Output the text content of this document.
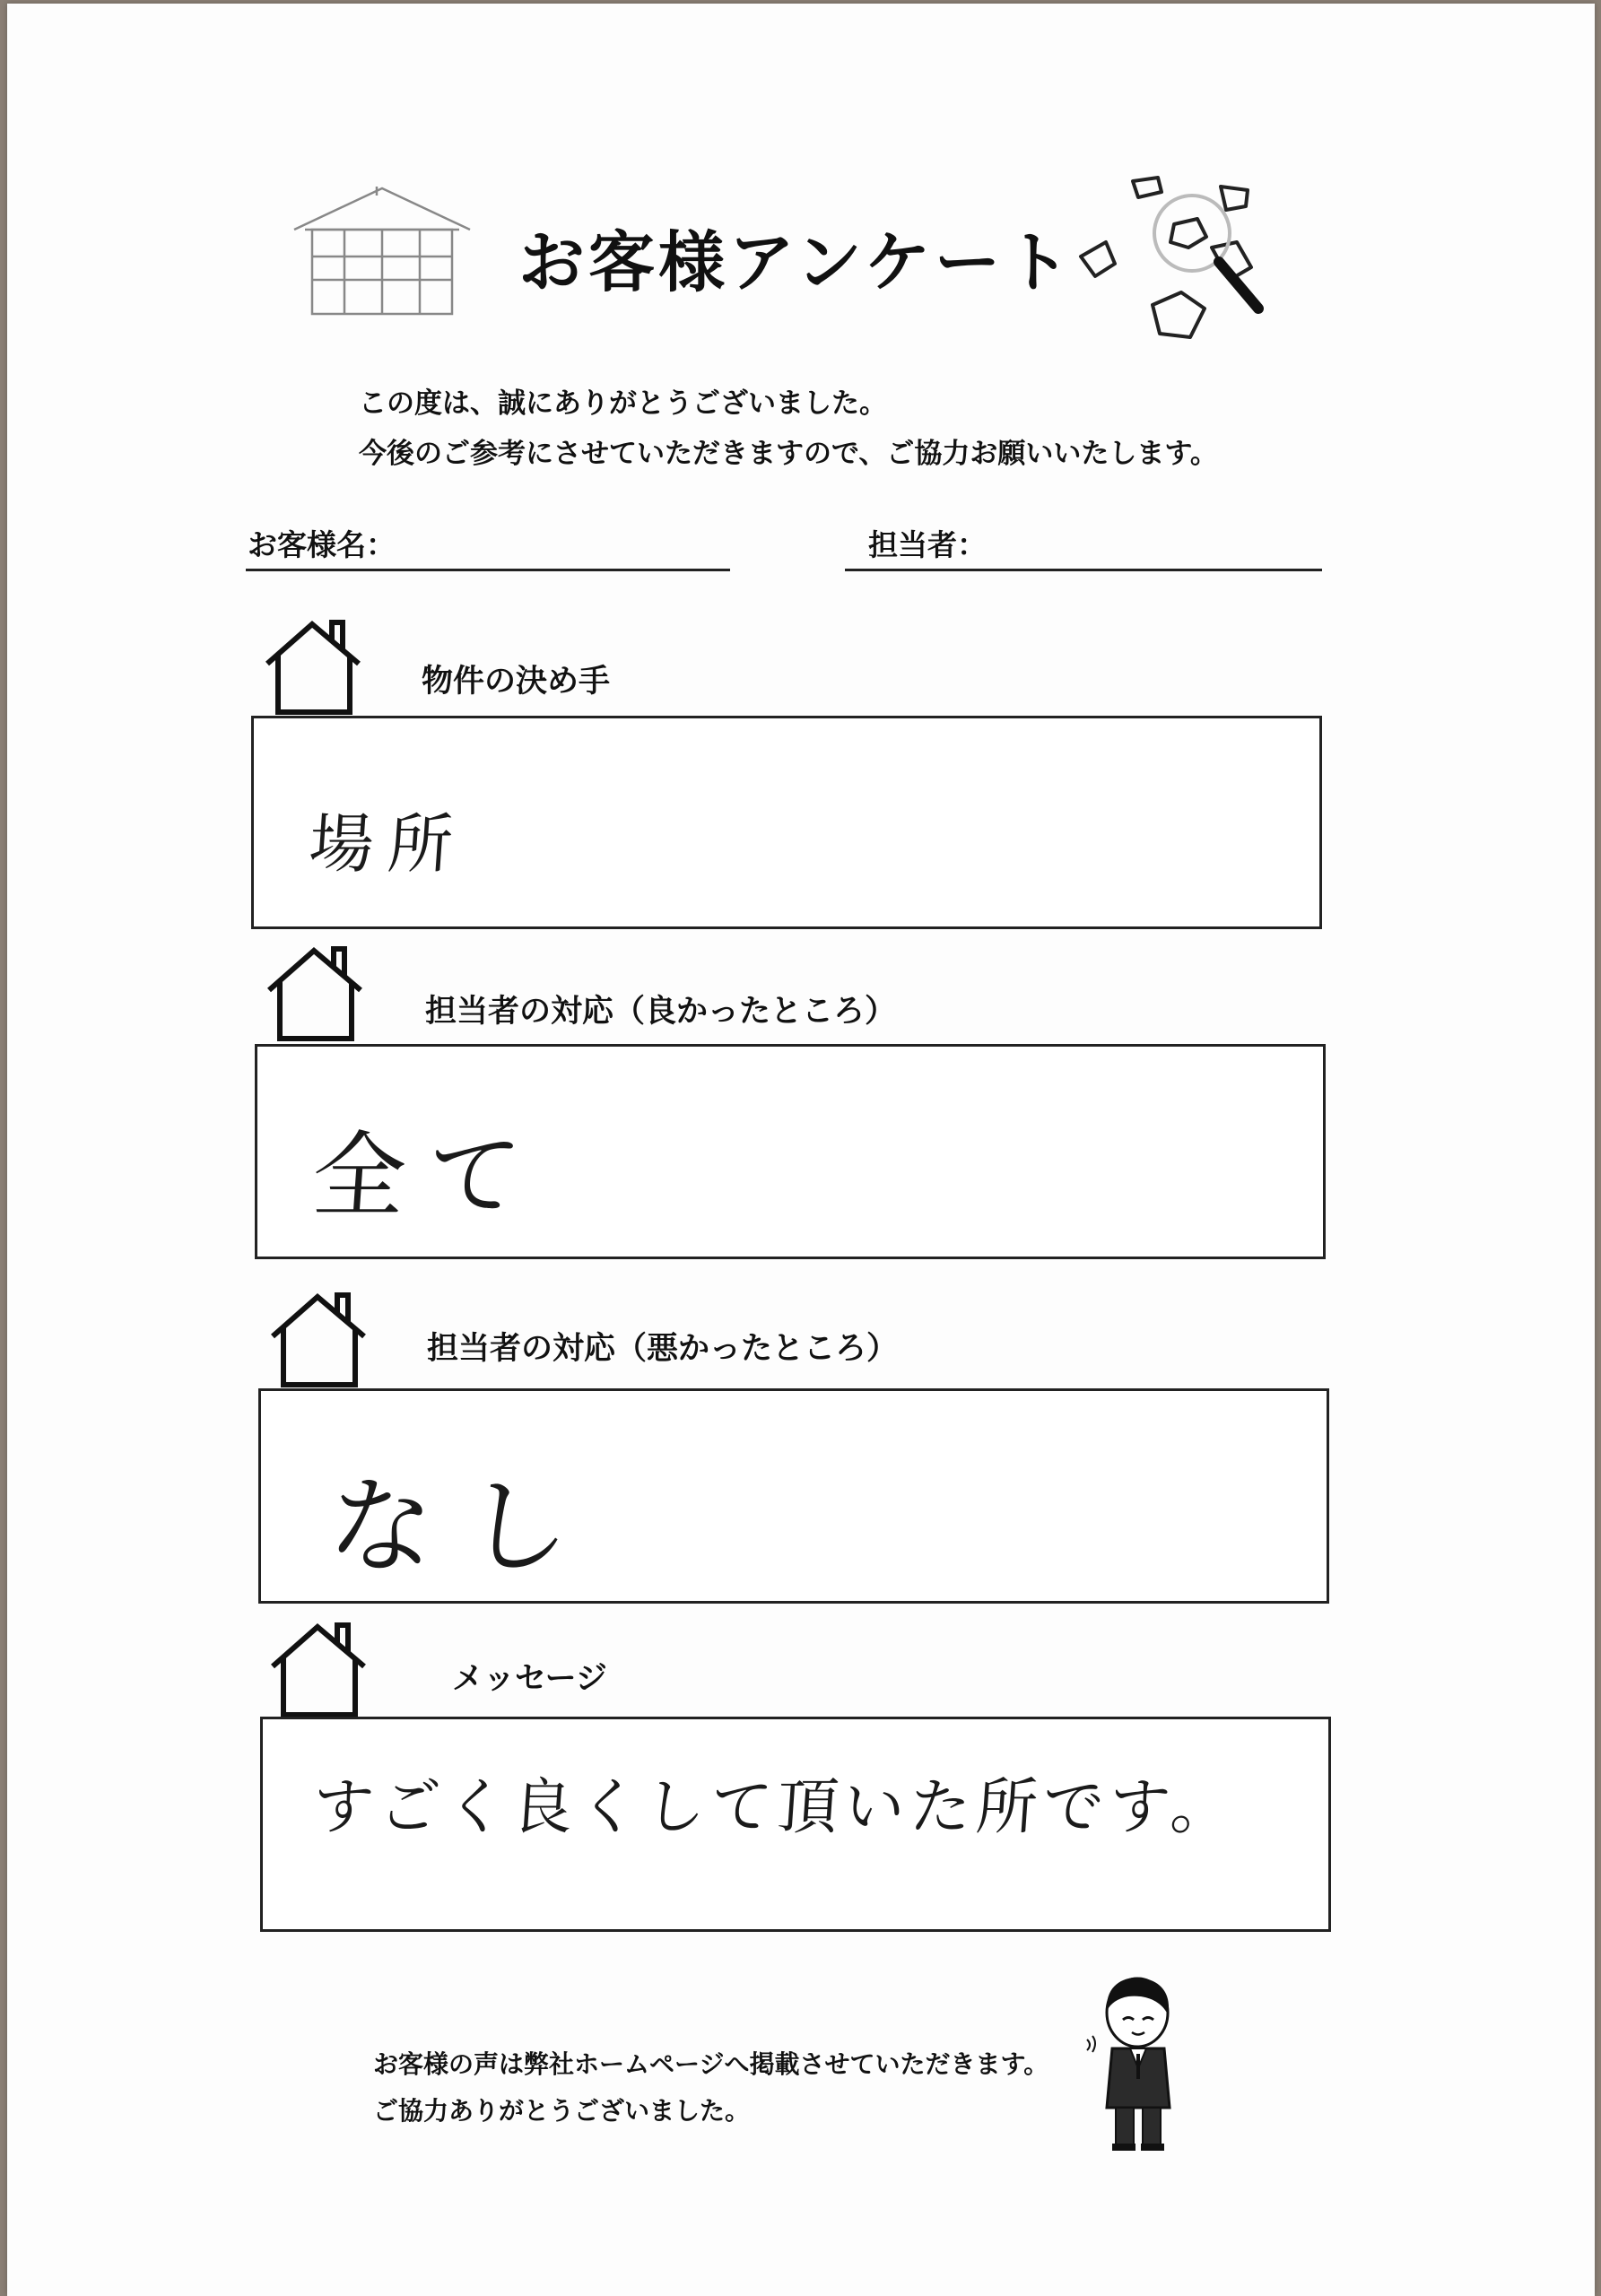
お客様アンケート
この度は、誠にありがとうございました。
今後のご参考にさせていただきますので、ご協力お願いいたします。
お客様名：	担当者：
物件の決め手
場所
担当者の対応（良かったところ）
全て
担当者の対応（悪かったところ）
なし
メッセージ
すごく良くして頂いた所です。
お客様の声は弊社ホームページへ掲載させていただきます。
ご協力ありがとうございました。
